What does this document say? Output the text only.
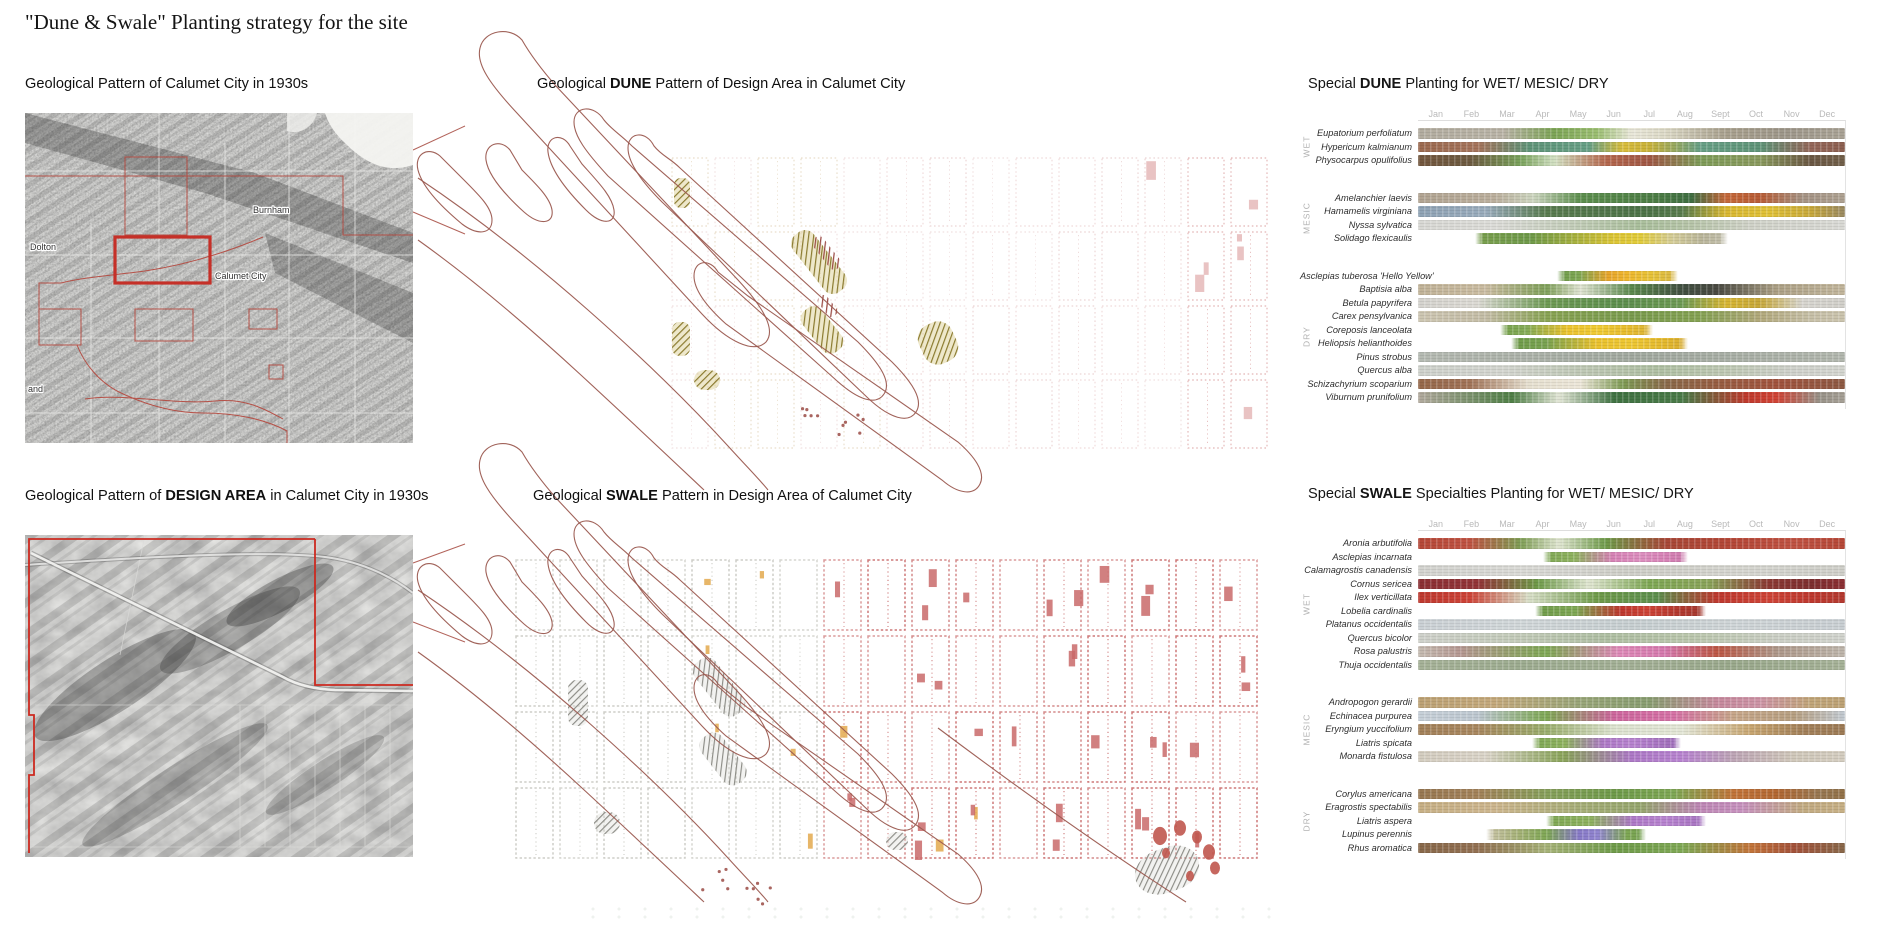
"Dune & Swale" Planting strategy for the site
Geological Pattern of Calumet City in 1930s	Geological DUNE Pattern of Design Area in Calumet City
Geological Pattern of DESIGN AREA in Calumet City in 1930s	Geological SWALE Pattern in Design Area of Calumet City
Dolton
Burnham
Calumet City
and
Special DUNE Planting for WET/ MESIC/ DRY
Jan	Feb	Mar	Apr	May	Jun	Jul	Aug	Sept	Oct	Nov	Dec
Eupatorium perfoliatum
Hypericum kalmianum
Physocarpus opulifolius
WET
Amelanchier laevis
Hamamelis virginiana
Nyssa sylvatica
Solidago flexicaulis
MESIC
Asclepias tuberosa 'Hello Yellow'
Baptisia alba
Betula papyrifera
Carex pensylvanica
Coreposis lanceolata
Heliopsis helianthoides
Pinus strobus
Quercus alba
Schizachyrium scoparium
Viburnum prunifolium
DRY
Special SWALE Specialties Planting for WET/ MESIC/ DRY
Jan	Feb	Mar	Apr	May	Jun	Jul	Aug	Sept	Oct	Nov	Dec
Aronia arbutifolia
Asclepias incarnata
Calamagrostis canadensis
Cornus sericea
Ilex verticillata
Lobelia cardinalis
Platanus occidentalis
Quercus bicolor
Rosa palustris
Thuja occidentalis
WET
Andropogon gerardii
Echinacea purpurea
Eryngium yuccifolium
Liatris spicata
Monarda fistulosa
MESIC
Corylus americana
Eragrostis spectabilis
Liatris aspera
Lupinus perennis
Rhus aromatica
DRY
